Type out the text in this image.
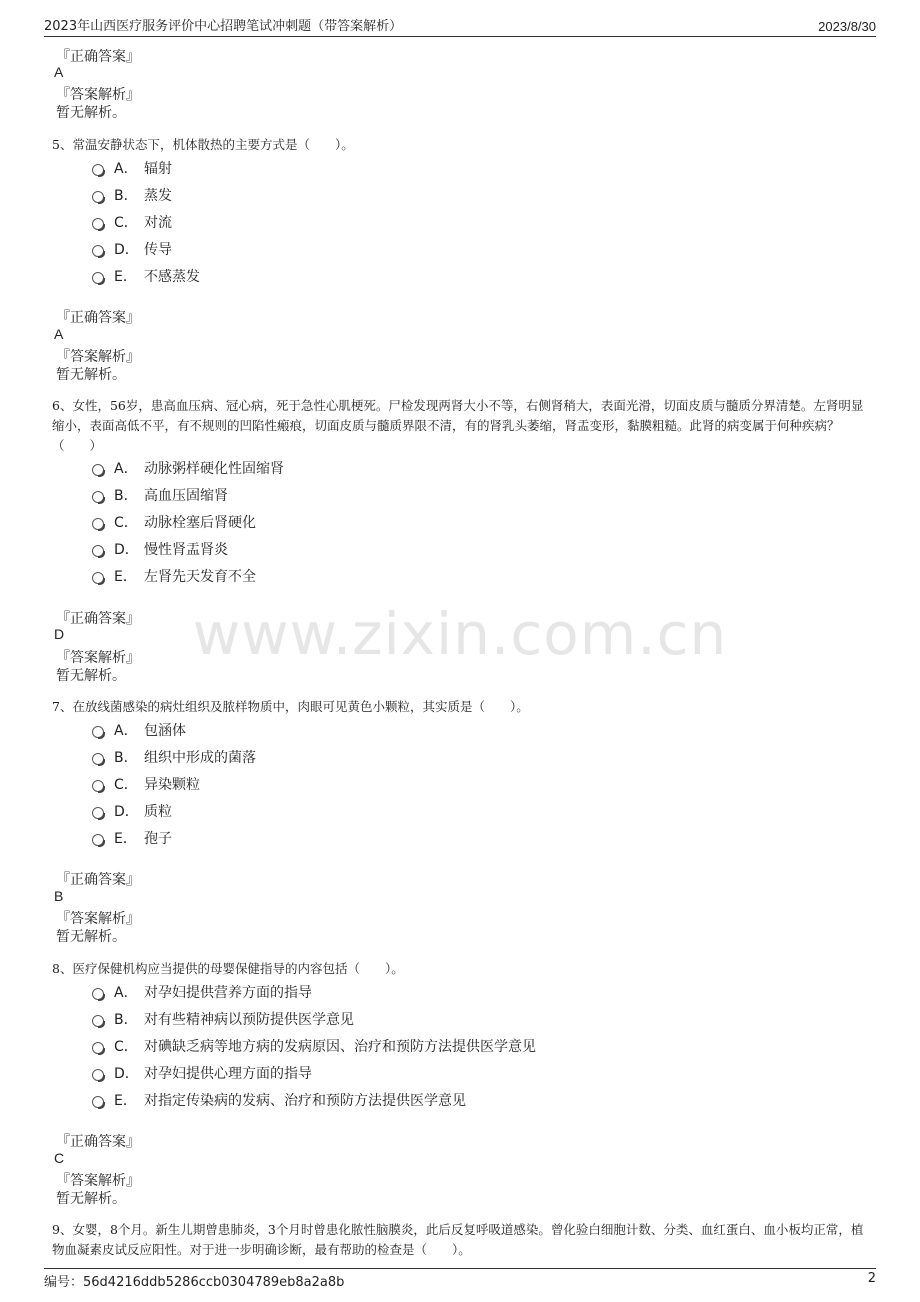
2023年山西医疗服务评价中心招聘笔试冲刺题（带答案解析）	2023/8/30
www.zixin.com.cn
『正确答案』
A
『答案解析』
暂无解析。
5、常温安静状态下，机体散热的主要方式是（　　）。
A． 辐射
B． 蒸发
C． 对流
D． 传导
E． 不感蒸发
『正确答案』
A
『答案解析』
暂无解析。
6、女性，56岁，患高血压病、冠心病，死于急性心肌梗死。尸检发现两肾大小不等，右侧肾稍大，表面光滑，切面皮质与髓质分界清楚。左肾明显缩小，表面高低不平，有不规则的凹陷性瘢痕，切面皮质与髓质界限不清，有的肾乳头萎缩，肾盂变形，黏膜粗糙。此肾的病变属于何种疾病？（　　）
A． 动脉粥样硬化性固缩肾
B． 高血压固缩肾
C． 动脉栓塞后肾硬化
D． 慢性肾盂肾炎
E． 左肾先天发育不全
『正确答案』
D
『答案解析』
暂无解析。
7、在放线菌感染的病灶组织及脓样物质中，肉眼可见黄色小颗粒，其实质是（　　）。
A． 包涵体
B． 组织中形成的菌落
C． 异染颗粒
D． 质粒
E． 孢子
『正确答案』
B
『答案解析』
暂无解析。
8、医疗保健机构应当提供的母婴保健指导的内容包括（　　）。
A． 对孕妇提供营养方面的指导
B． 对有些精神病以预防提供医学意见
C． 对碘缺乏病等地方病的发病原因、治疗和预防方法提供医学意见
D． 对孕妇提供心理方面的指导
E． 对指定传染病的发病、治疗和预防方法提供医学意见
『正确答案』
C
『答案解析』
暂无解析。
9、女婴，8个月。新生儿期曾患肺炎，3个月时曾患化脓性脑膜炎，此后反复呼吸道感染。曾化验白细胞计数、分类、血红蛋白、血小板均正常，植物血凝素皮试反应阳性。对于进一步明确诊断，最有帮助的检查是（　　）。
编号：56d4216ddb5286ccb0304789eb8a2a8b	2
